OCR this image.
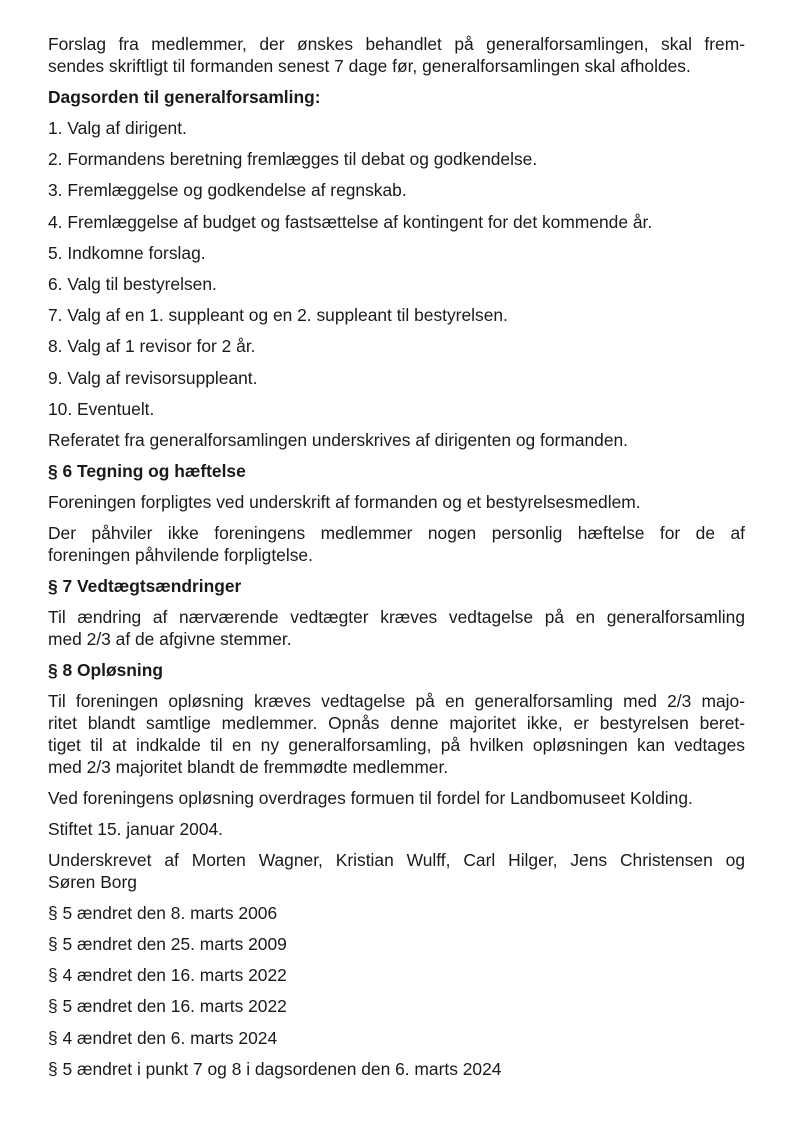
Forslag fra medlemmer, der ønskes behandlet på generalforsamlingen, skal frem-
sendes skriftligt til formanden senest 7 dage før, generalforsamlingen skal afholdes.
Dagsorden til generalforsamling:
1. Valg af dirigent.
2. Formandens beretning fremlægges til debat og godkendelse.
3. Fremlæggelse og godkendelse af regnskab.
4. Fremlæggelse af budget og fastsættelse af kontingent for det kommende år.
5. Indkomne forslag.
6. Valg til bestyrelsen.
7. Valg af en 1. suppleant og en 2. suppleant til bestyrelsen.
8. Valg af 1 revisor for 2 år.
9. Valg af revisorsuppleant.
10. Eventuelt.
Referatet fra generalforsamlingen underskrives af dirigenten og formanden.
§ 6 Tegning og hæftelse
Foreningen forpligtes ved underskrift af formanden og et bestyrelsesmedlem.
Der påhviler ikke foreningens medlemmer nogen personlig hæftelse for de af
foreningen påhvilende forpligtelse.
§ 7 Vedtægtsændringer
Til ændring af nærværende vedtægter kræves vedtagelse på en generalforsamling
med 2/3 af de afgivne stemmer.
§ 8 Opløsning
Til foreningen opløsning kræves vedtagelse på en generalforsamling med 2/3 majo-
ritet blandt samtlige medlemmer. Opnås denne majoritet ikke, er bestyrelsen beret-
tiget til at indkalde til en ny generalforsamling, på hvilken opløsningen kan vedtages
med 2/3 majoritet blandt de fremmødte medlemmer.
Ved foreningens opløsning overdrages formuen til fordel for Landbomuseet Kolding.
Stiftet 15. januar 2004.
Underskrevet af Morten Wagner, Kristian Wulff, Carl Hilger, Jens Christensen og
Søren Borg
§ 5 ændret den 8. marts 2006
§ 5 ændret den 25. marts 2009
§ 4 ændret den 16. marts 2022
§ 5 ændret den 16. marts 2022
§ 4 ændret den 6. marts 2024
§ 5 ændret i punkt 7 og 8 i dagsordenen den 6. marts 2024
